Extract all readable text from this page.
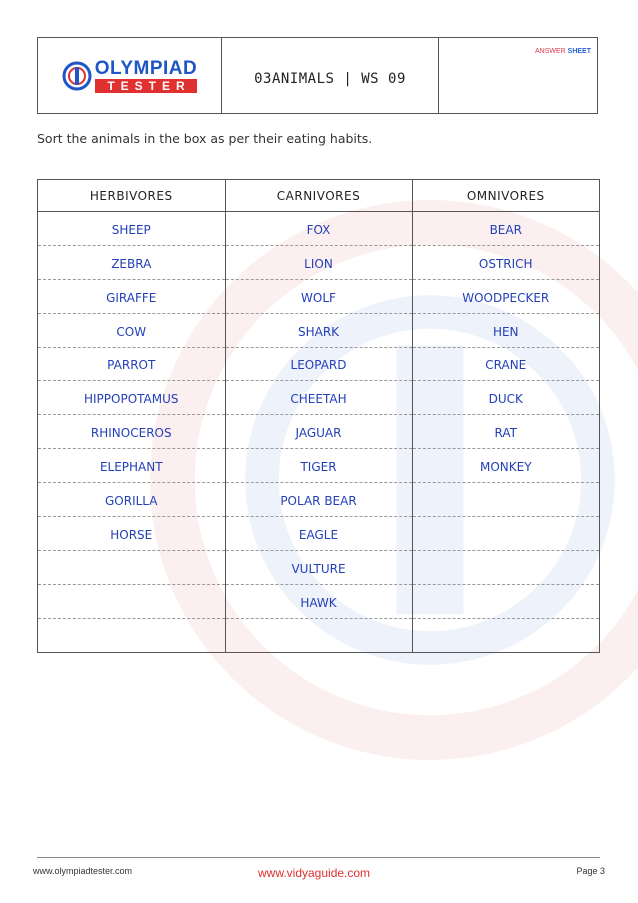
OLYMPIAD
TESTER	03ANIMALS | WS 09
ANSWER SHEET
Sort the animals in the box as per their eating habits.
HERBIVORES	CARNIVORES	OMNIVORES
SHEEP	FOX	BEAR
ZEBRA	LION	OSTRICH
GIRAFFE	WOLF	WOODPECKER
COW	SHARK	HEN
PARROT	LEOPARD	CRANE
HIPPOPOTAMUS	CHEETAH	DUCK
RHINOCEROS	JAGUAR	RAT
ELEPHANT	TIGER	MONKEY
GORILLA	POLAR BEAR	
HORSE	EAGLE	
	VULTURE	
	HAWK	

www.olympiadtester.com	www.vidyaguide.com	Page 3
